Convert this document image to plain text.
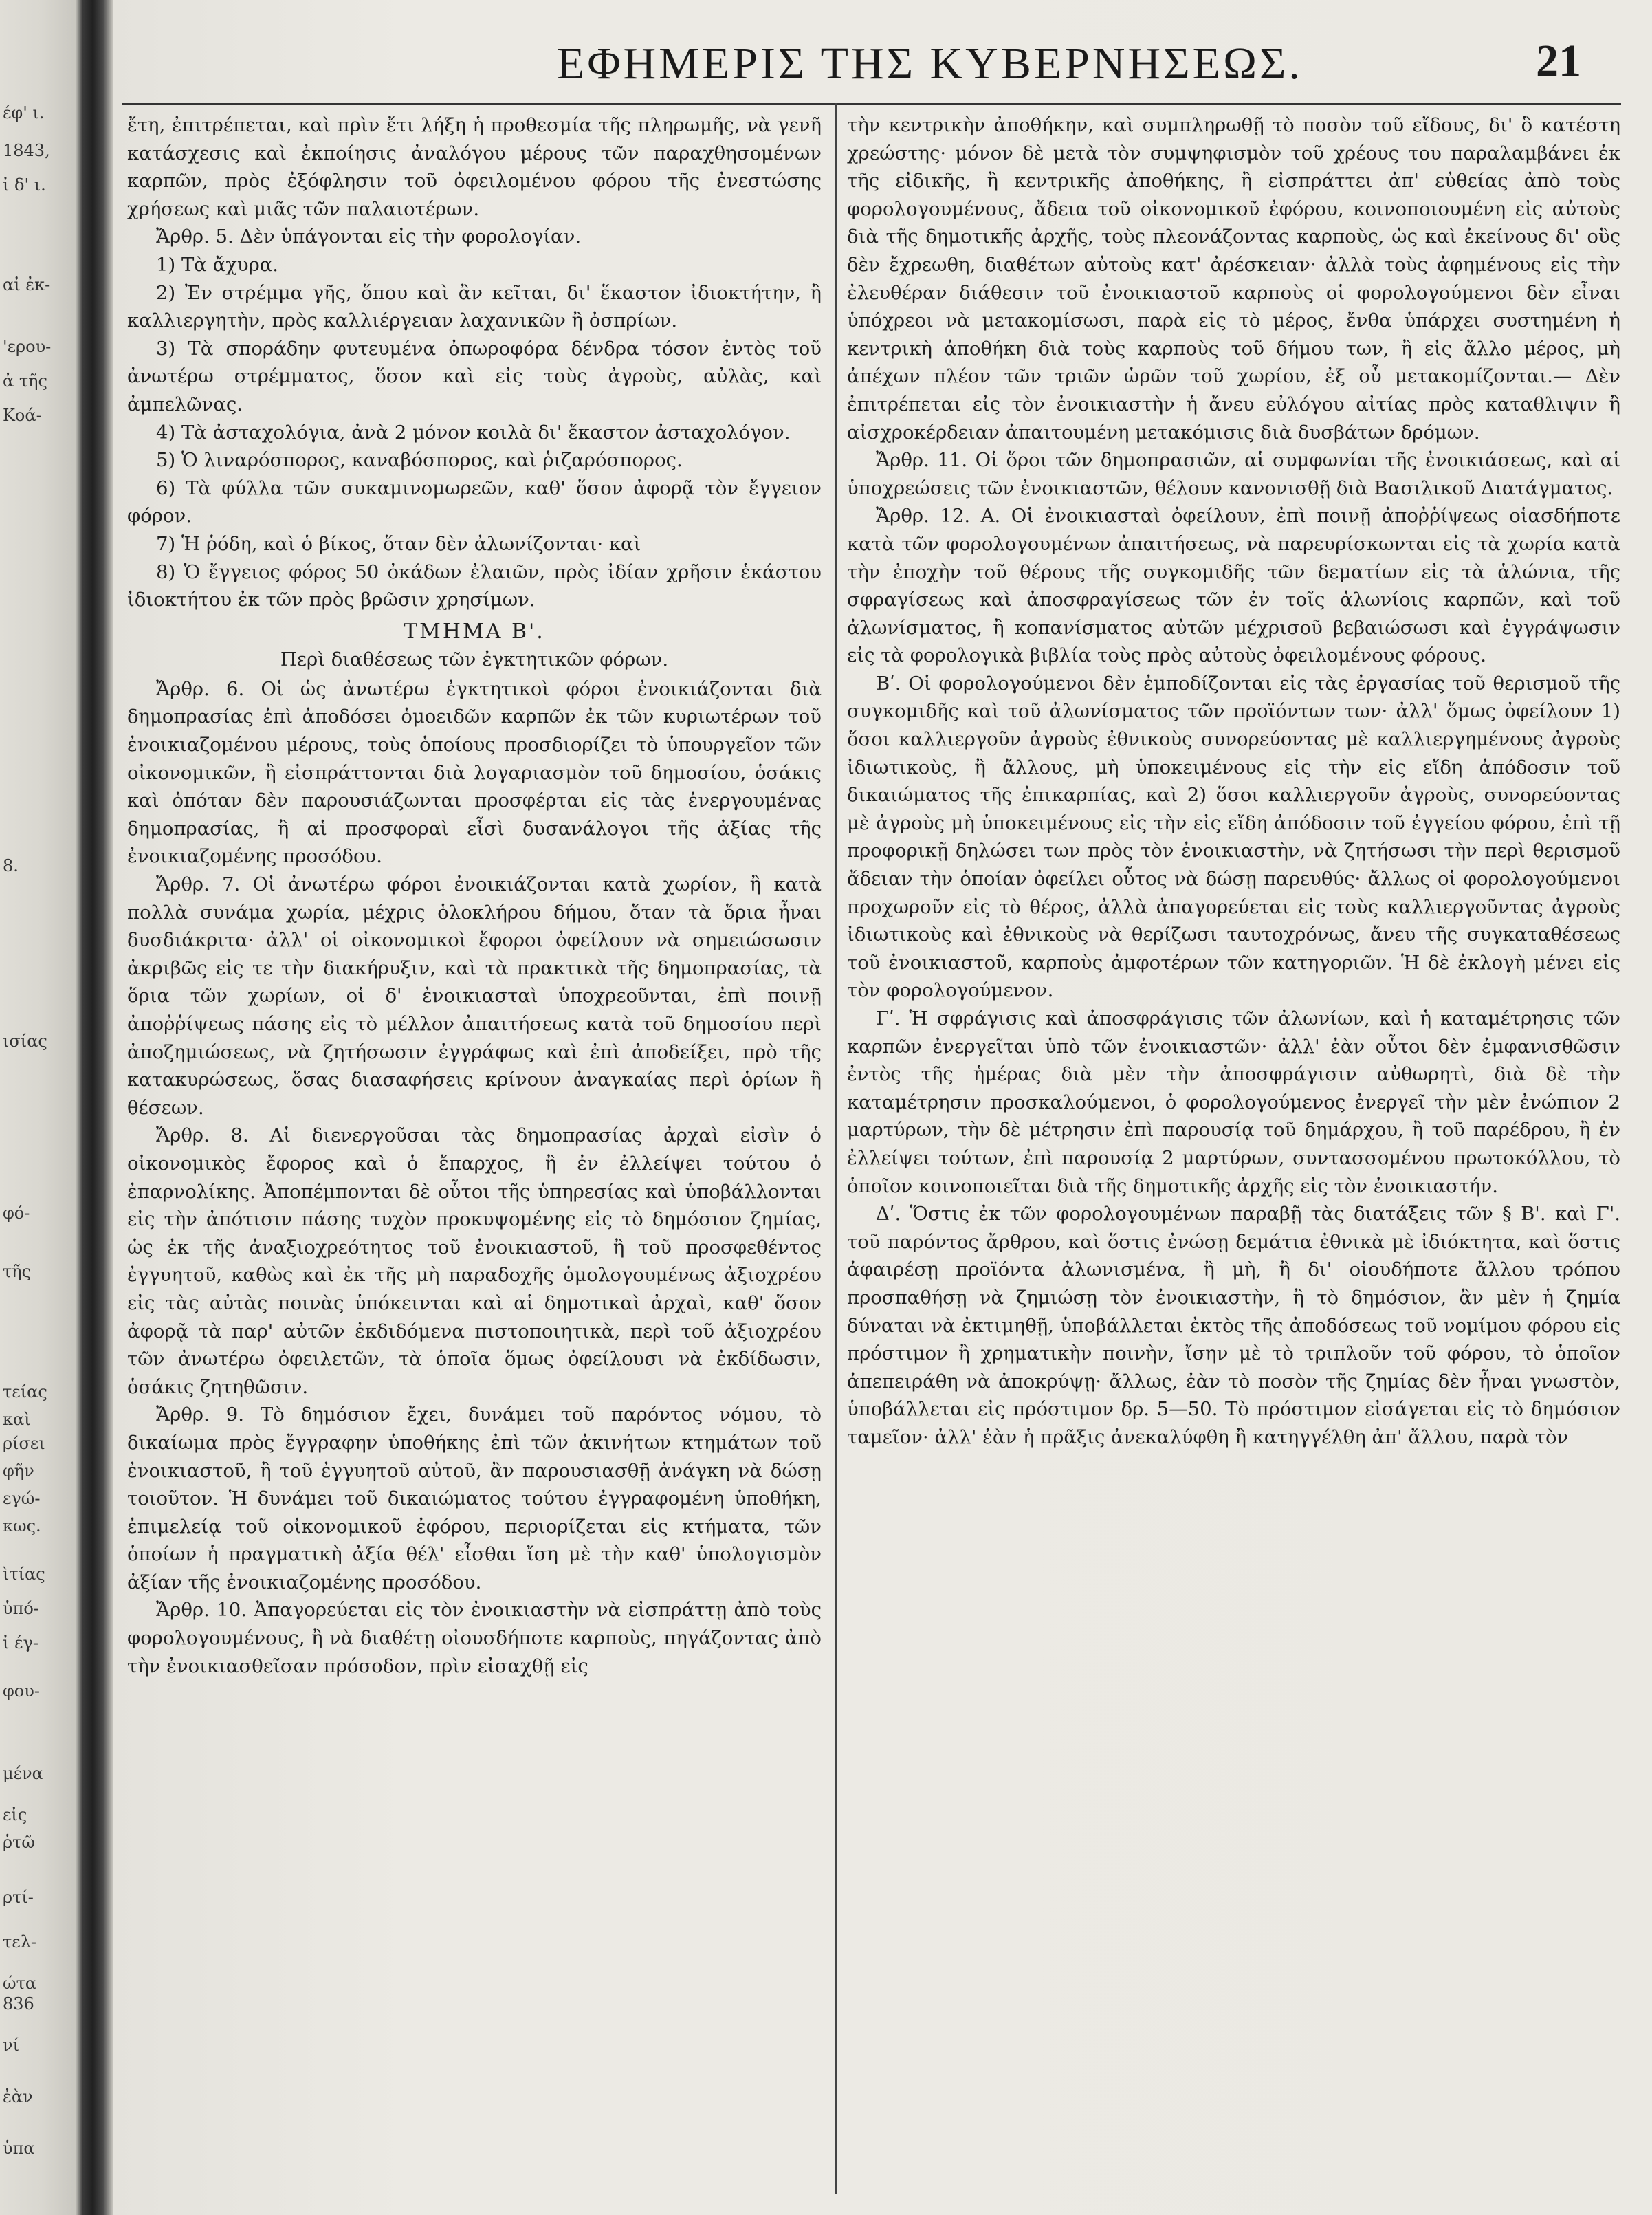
έφ' ι.
1843,
ἰ δ' ι.
αἰ ἐκ-
'ερου-
ἀ τῆς
Κοά-
8.
ισίας
φό-
τῆς
τείας
καὶ
ρίσει
φῆν
εγώ-
κως.
ὶτίας
ὑπό-
ἰ έγ-
φου-
μένα
εἰς
ῥτῶ
ρτί-
τελ-
ώτα
836
νί
ἐὰν
ὑπα
ΕΦΗΜΕΡΙΣ ΤΗΣ ΚΥΒΕΡΝΗΣΕΩΣ.	21

ἔτη, ἐπιτρέπεται, καὶ πρὶν ἔτι λήξη ἡ προθεσμία τῆς πληρωμῆς, νὰ γενῆ κατάσχεσις καὶ ἐκποίησις ἀναλόγου μέρους τῶν παραχθησομένων καρπῶν, πρὸς ἐξόφλησιν τοῦ ὀφειλομένου φόρου τῆς ἐνεστώσης χρήσεως καὶ μιᾶς τῶν παλαιοτέρων.

Ἄρθρ. 5. Δὲν ὑπάγονται εἰς τὴν φορολογίαν.

1) Τὰ ἄχυρα.

2) Ἐν στρέμμα γῆς, ὅπου καὶ ἂν κεῖται, δι' ἕκαστον ἰδιοκτήτην, ἢ καλλιεργητὴν, πρὸς καλλιέργειαν λαχανικῶν ἢ ὀσπρίων.

3) Τὰ σποράδην φυτευμένα ὀπωροφόρα δένδρα τόσον ἐντὸς τοῦ ἀνωτέρω στρέμματος, ὅσον καὶ εἰς τοὺς ἀγροὺς, αὐλὰς, καὶ ἀμπελῶνας.

4) Τὰ ἀσταχολόγια, ἀνὰ 2 μόνον κοιλὰ δι' ἕκαστον ἀσταχολόγον.

5) Ὁ λιναρόσπορος, καναβόσπορος, καὶ ῥιζαρόσπορος.

6) Τὰ φύλλα τῶν συκαμινομωρεῶν, καθ' ὅσον ἀφορᾷ τὸν ἔγγειον φόρον.

7) Ἡ ῥόδη, καὶ ὁ βίκος, ὅταν δὲν ἀλωνίζονται· καὶ

8) Ὁ ἔγγειος φόρος 50 ὀκάδων ἐλαιῶν, πρὸς ἰδίαν χρῆσιν ἑκάστου ἰδιοκτήτου ἐκ τῶν πρὸς βρῶσιν χρησίμων.

ΤΜΗΜΑ Β'.

Περὶ διαθέσεως τῶν ἐγκτητικῶν φόρων.

Ἄρθρ. 6. Οἱ ὡς ἀνωτέρω ἐγκτητικοὶ φόροι ἐνοικιάζονται διὰ δημοπρασίας ἐπὶ ἀποδόσει ὁμοειδῶν καρπῶν ἐκ τῶν κυριωτέρων τοῦ ἐνοικιαζομένου μέρους, τοὺς ὁποίους προσδιορίζει τὸ ὑπουργεῖον τῶν οἰκονομικῶν, ἢ εἰσπράττονται διὰ λογαριασμὸν τοῦ δημοσίου, ὁσάκις καὶ ὁπόταν δὲν παρουσιάζωνται προσφέρται εἰς τὰς ἐνεργουμένας δημοπρασίας, ἢ αἱ προσφοραὶ εἶσὶ δυσανάλογοι τῆς ἀξίας τῆς ἐνοικιαζομένης προσόδου.

Ἄρθρ. 7. Οἱ ἀνωτέρω φόροι ἐνοικιάζονται κατὰ χωρίον, ἢ κατὰ πολλὰ συνάμα χωρία, μέχρις ὁλοκλήρου δήμου, ὅταν τὰ ὅρια ἦναι δυσδιάκριτα· ἀλλ' οἱ οἰκονομικοὶ ἔφοροι ὀφείλουν νὰ σημειώσωσιν ἀκριβῶς εἰς τε τὴν διακήρυξιν, καὶ τὰ πρακτικὰ τῆς δημοπρασίας, τὰ ὅρια τῶν χωρίων, οἱ δ' ἐνοικιασταὶ ὑποχρεοῦνται, ἐπὶ ποινῇ ἀποῤῥίψεως πάσης εἰς τὸ μέλλον ἀπαιτήσεως κατὰ τοῦ δημοσίου περὶ ἀποζημιώσεως, νὰ ζητήσωσιν ἐγγράφως καὶ ἐπὶ ἀποδείξει, πρὸ τῆς κατακυρώσεως, ὅσας διασαφήσεις κρίνουν ἀναγκαίας περὶ ὁρίων ἢ θέσεων.

Ἄρθρ. 8. Αἱ διενεργοῦσαι τὰς δημοπρασίας ἀρχαὶ εἰσὶν ὁ οἰκονομικὸς ἔφορος καὶ ὁ ἔπαρχος, ἢ ἐν ἐλλείψει τούτου ὁ ἐπαρνολίκης. Ἀποπέμπονται δὲ οὗτοι τῆς ὑπηρεσίας καὶ ὑποβάλλονται εἰς τὴν ἀπότισιν πάσης τυχὸν προκυψομένης εἰς τὸ δημόσιον ζημίας, ὡς ἐκ τῆς ἀναξιοχρεότητος τοῦ ἐνοικιαστοῦ, ἢ τοῦ προσφεθέντος ἐγγυητοῦ, καθὼς καὶ ἐκ τῆς μὴ παραδοχῆς ὁμολογουμένως ἀξιοχρέου εἰς τὰς αὐτὰς ποινὰς ὑπόκεινται καὶ αἱ δημοτικαὶ ἀρχαὶ, καθ' ὅσον ἀφορᾷ τὰ παρ' αὐτῶν ἐκδιδόμενα πιστοποιητικὰ, περὶ τοῦ ἀξιοχρέου τῶν ἀνωτέρω ὀφειλετῶν, τὰ ὁποῖα ὅμως ὀφείλουσι νὰ ἐκδίδωσιν, ὁσάκις ζητηθῶσιν.

Ἄρθρ. 9. Τὸ δημόσιον ἔχει, δυνάμει τοῦ παρόντος νόμου, τὸ δικαίωμα πρὸς ἔγγραφην ὑποθήκης ἐπὶ τῶν ἀκινήτων κτημάτων τοῦ ἐνοικιαστοῦ, ἢ τοῦ ἐγγυητοῦ αὐτοῦ, ἂν παρουσιασθῇ ἀνάγκη νὰ δώσῃ τοιοῦτον. Ἡ δυνάμει τοῦ δικαιώματος τούτου ἐγγραφομένη ὑποθήκη, ἐπιμελείᾳ τοῦ οἰκονομικοῦ ἐφόρου, περιορίζεται εἰς κτήματα, τῶν ὁποίων ἡ πραγματικὴ ἀξία θέλ' εἶσθαι ἴση μὲ τὴν καθ' ὑπολογισμὸν ἀξίαν τῆς ἐνοικιαζομένης προσόδου.

Ἄρθρ. 10. Ἀπαγορεύεται εἰς τὸν ἐνοικιαστὴν νὰ εἰσπράττῃ ἀπὸ τοὺς φορολογουμένους, ἢ νὰ διαθέτῃ οἰουσδήποτε καρποὺς, πηγάζοντας ἀπὸ τὴν ἐνοικιασθεῖσαν πρόσοδον, πρὶν εἰσαχθῇ εἰς

τὴν κεντρικὴν ἀποθήκην, καὶ συμπληρωθῇ τὸ ποσὸν τοῦ εἴδους, δι' ὃ κατέστη χρεώστης· μόνον δὲ μετὰ τὸν συμψηφισμὸν τοῦ χρέους του παραλαμβάνει ἐκ τῆς εἰδικῆς, ἢ κεντρικῆς ἀποθήκης, ἢ εἰσπράττει ἀπ' εὐθείας ἀπὸ τοὺς φορολογουμένους, ἄδεια τοῦ οἰκονομικοῦ ἐφόρου, κοινοποιουμένη εἰς αὐτοὺς διὰ τῆς δημοτικῆς ἀρχῆς, τοὺς πλεονάζοντας καρποὺς, ὡς καὶ ἐκείνους δι' οὓς δὲν ἔχρεωθη, διαθέτων αὐτοὺς κατ' ἀρέσκειαν· ἀλλὰ τοὺς ἀφημένους εἰς τὴν ἐλευθέραν διάθεσιν τοῦ ἐνοικιαστοῦ καρποὺς οἱ φορολογούμενοι δὲν εἶναι ὑπόχρεοι νὰ μετακομίσωσι, παρὰ εἰς τὸ μέρος, ἔνθα ὑπάρχει συστημένη ἡ κεντρικὴ ἀποθήκη διὰ τοὺς καρποὺς τοῦ δήμου των, ἢ εἰς ἄλλο μέρος, μὴ ἀπέχων πλέον τῶν τριῶν ὡρῶν τοῦ χωρίου, ἐξ οὗ μετακομίζονται.— Δὲν ἐπιτρέπεται εἰς τὸν ἐνοικιαστὴν ἡ ἄνευ εὐλόγου αἰτίας πρὸς καταθλιψιν ἢ αἰσχροκέρδειαν ἀπαιτουμένη μετακόμισις διὰ δυσβάτων δρόμων.

Ἄρθρ. 11. Οἱ ὅροι τῶν δημοπρασιῶν, αἱ συμφωνίαι τῆς ἐνοικιάσεως, καὶ αἱ ὑποχρεώσεις τῶν ἐνοικιαστῶν, θέλουν κανονισθῇ διὰ Βασιλικοῦ Διατάγματος.

Ἄρθρ. 12. Α. Οἱ ἐνοικιασταὶ ὀφείλουν, ἐπὶ ποινῇ ἀποῤῥίψεως οἱασδήποτε κατὰ τῶν φορολογουμένων ἀπαιτήσεως, νὰ παρευρίσκωνται εἰς τὰ χωρία κατὰ τὴν ἐποχὴν τοῦ θέρους τῆς συγκομιδῆς τῶν δεματίων εἰς τὰ ἁλώνια, τῆς σφραγίσεως καὶ ἀποσφραγίσεως τῶν ἐν τοῖς ἁλωνίοις καρπῶν, καὶ τοῦ ἀλωνίσματος, ἢ κοπανίσματος αὐτῶν μέχρισοῦ βεβαιώσωσι καὶ ἐγγράψωσιν εἰς τὰ φορολογικὰ βιβλία τοὺς πρὸς αὐτοὺς ὀφειλομένους φόρους.

Βʹ. Οἱ φορολογούμενοι δὲν ἐμποδίζονται εἰς τὰς ἐργασίας τοῦ θερισμοῦ τῆς συγκομιδῆς καὶ τοῦ ἀλωνίσματος τῶν προϊόντων των· ἀλλ' ὅμως ὀφείλουν 1) ὅσοι καλλιεργοῦν ἀγροὺς ἐθνικοὺς συνορεύοντας μὲ καλλιεργημένους ἀγροὺς ἰδιωτικοὺς, ἢ ἄλλους, μὴ ὑποκειμένους εἰς τὴν εἰς εἴδη ἀπόδοσιν τοῦ δικαιώματος τῆς ἐπικαρπίας, καὶ 2) ὅσοι καλλιεργοῦν ἀγροὺς, συνορεύοντας μὲ ἀγροὺς μὴ ὑποκειμένους εἰς τὴν εἰς εἴδη ἀπόδοσιν τοῦ ἐγγείου φόρου, ἐπὶ τῇ προφορικῇ δηλώσει των πρὸς τὸν ἐνοικιαστὴν, νὰ ζητήσωσι τὴν περὶ θερισμοῦ ἄδειαν τὴν ὁποίαν ὀφείλει οὗτος νὰ δώσῃ παρευθύς· ἄλλως οἱ φορολογούμενοι προχωροῦν εἰς τὸ θέρος, ἀλλὰ ἀπαγορεύεται εἰς τοὺς καλλιεργοῦντας ἀγροὺς ἰδιωτικοὺς καὶ ἐθνικοὺς νὰ θερίζωσι ταυτοχρόνως, ἄνευ τῆς συγκαταθέσεως τοῦ ἐνοικιαστοῦ, καρποὺς ἀμφοτέρων τῶν κατηγοριῶν. Ἡ δὲ ἐκλογὴ μένει εἰς τὸν φορολογούμενον.

Γʹ. Ἡ σφράγισις καὶ ἀποσφράγισις τῶν ἀλωνίων, καὶ ἡ καταμέτρησις τῶν καρπῶν ἐνεργεῖται ὑπὸ τῶν ἐνοικιαστῶν· ἀλλ' ἐὰν οὗτοι δὲν ἐμφανισθῶσιν ἐντὸς τῆς ἡμέρας διὰ μὲν τὴν ἀποσφράγισιν αὐθωρητὶ, διὰ δὲ τὴν καταμέτρησιν προσκαλούμενοι, ὁ φορολογούμενος ἐνεργεῖ τὴν μὲν ἐνώπιον 2 μαρτύρων, τὴν δὲ μέτρησιν ἐπὶ παρουσίᾳ τοῦ δημάρχου, ἢ τοῦ παρέδρου, ἢ ἐν ἐλλείψει τούτων, ἐπὶ παρουσίᾳ 2 μαρτύρων, συντασσομένου πρωτοκόλλου, τὸ ὁποῖον κοινοποιεῖται διὰ τῆς δημοτικῆς ἀρχῆς εἰς τὸν ἐνοικιαστήν.

Δʹ. Ὅστις ἐκ τῶν φορολογουμένων παραβῇ τὰς διατάξεις τῶν § Β'. καὶ Γ'. τοῦ παρόντος ἄρθρου, καὶ ὅστις ἐνώσῃ δεμάτια ἐθνικὰ μὲ ἰδιόκτητα, καὶ ὅστις ἀφαιρέσῃ προϊόντα ἀλωνισμένα, ἢ μὴ, ἢ δι' οἱουδήποτε ἄλλου τρόπου προσπαθήσῃ νὰ ζημιώσῃ τὸν ἐνοικιαστὴν, ἢ τὸ δημόσιον, ἂν μὲν ἡ ζημία δύναται νὰ ἐκτιμηθῇ, ὑποβάλλεται ἐκτὸς τῆς ἀποδόσεως τοῦ νομίμου φόρου εἰς πρόστιμον ἢ χρηματικὴν ποινὴν, ἴσην μὲ τὸ τριπλοῦν τοῦ φόρου, τὸ ὁποῖον ἀπεπειράθη νὰ ἀποκρύψῃ· ἄλλως, ἐὰν τὸ ποσὸν τῆς ζημίας δὲν ἦναι γνωστὸν, ὑποβάλλεται εἰς πρόστιμον δρ. 5—50. Τὸ πρόστιμον εἰσάγεται εἰς τὸ δημόσιον ταμεῖον· ἀλλ' ἐὰν ἡ πρᾶξις ἀνεκαλύφθη ἢ κατηγγέλθη ἀπ' ἄλλου, παρὰ τὸν
